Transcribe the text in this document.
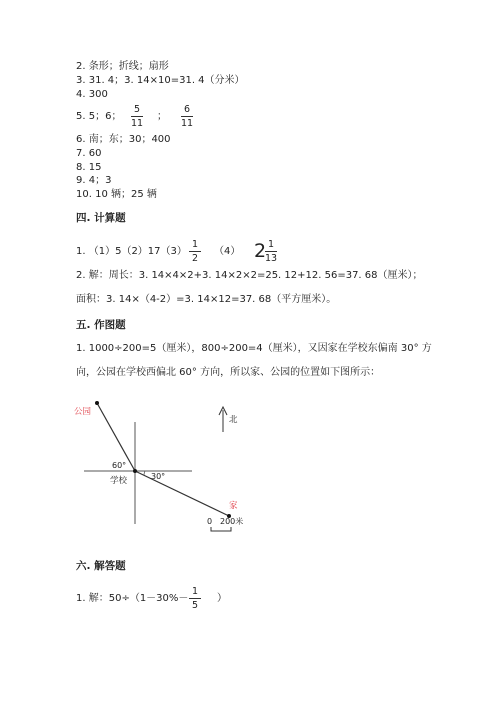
2. 条形；折线；扇形
3. 31. 4；3. 14×10=31. 4（分米）
4. 300
5. 5；6；
5
11
；
6
11
6. 南；东；30；400
7. 60
8. 15
9. 4；3
10. 10 辆；25 辆
四. 计算题
1. （1）5（2）17（3）
1
2
（4） 2 1
13
2. 解：周长：3. 14×4×2+3. 14×2×2=25. 12+12. 56=37. 68（厘米）；
面积：3. 14×（4-2）=3. 14×12=37. 68（平方厘米）。
五. 作图题
1. 1000÷200=5（厘米），800÷200=4（厘米），又因家在学校东偏南 30° 方
向，公园在学校西偏北 60° 方向，所以家、公园的位置如下图所示：
公园
60°
30°
学校
北
家
0 200米
六. 解答题
1. 解：50÷（1－30%－
1
5
）
